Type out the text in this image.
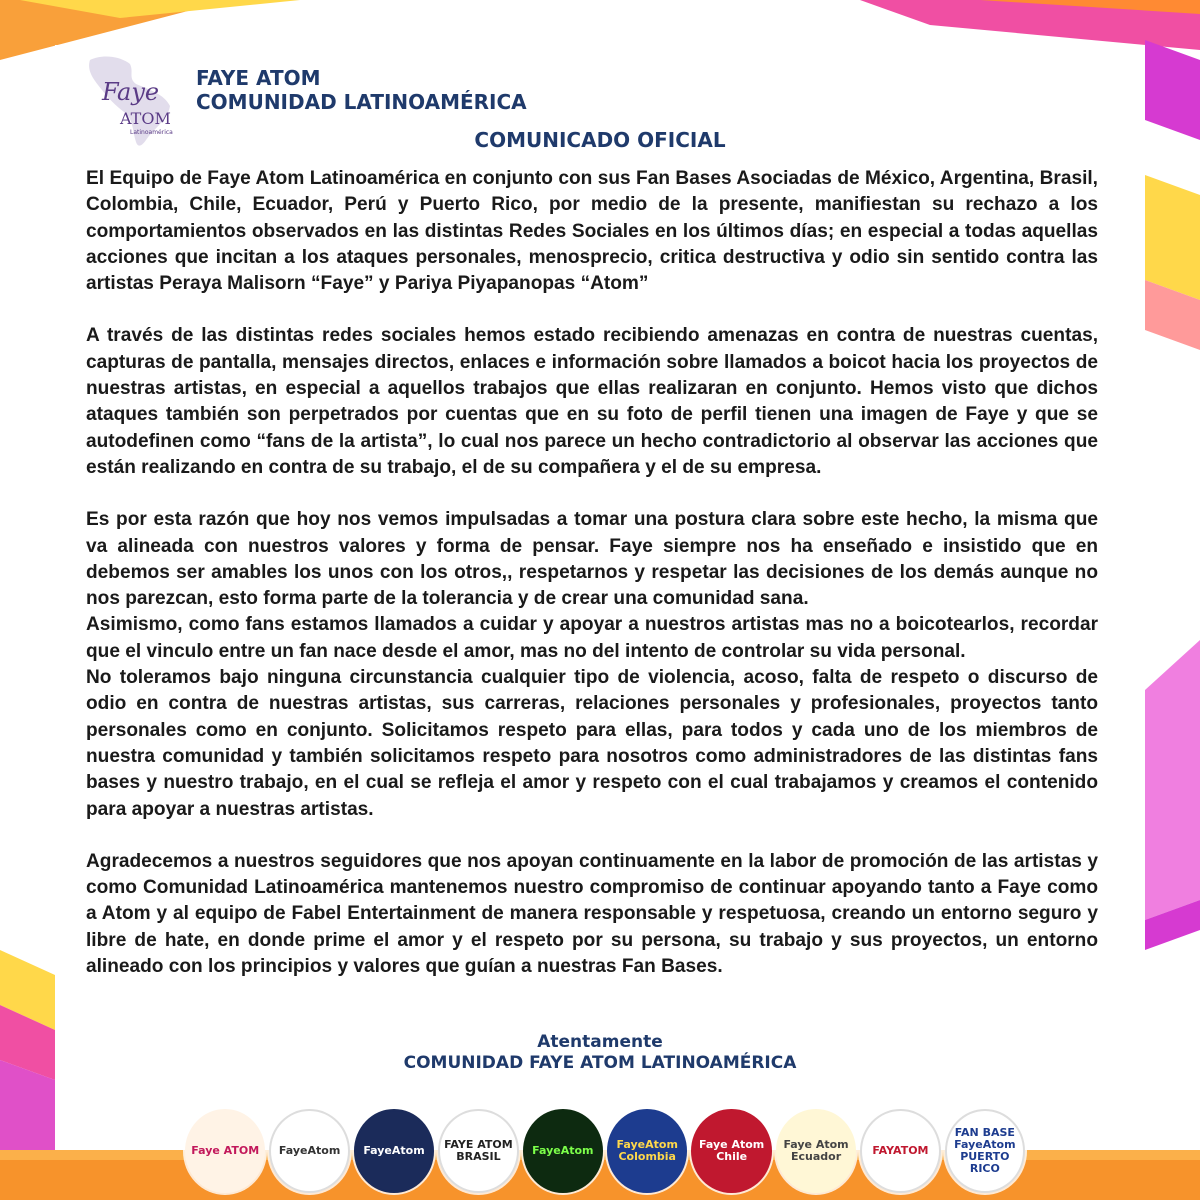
Faye
ATOM
Latinoamérica
FAYE ATOM
COMUNIDAD LATINOAMÉRICA
COMUNICADO OFICIAL

El Equipo de Faye Atom Latinoamérica en conjunto con sus Fan Bases Asociadas de México, Argentina, Brasil, Colombia, Chile, Ecuador, Perú y Puerto Rico, por medio de la presente, manifiestan su rechazo a los comportamientos observados en las distintas Redes Sociales en los últimos días; en especial a todas aquellas acciones que incitan a los ataques personales, menosprecio, critica destructiva y odio sin sentido contra las artistas Peraya Malisorn “Faye” y Pariya Piyapanopas “Atom”

A través de las distintas redes sociales hemos estado recibiendo amenazas en contra de nuestras cuentas, capturas de pantalla, mensajes directos, enlaces e información sobre llamados a boicot hacia los proyectos de nuestras artistas, en especial a aquellos trabajos que ellas realizaran en conjunto. Hemos visto que dichos ataques también son perpetrados por cuentas que en su foto de perfil tienen una imagen de Faye y que se autodefinen como “fans de la artista”, lo cual nos parece un hecho contradictorio al observar las acciones que están realizando en contra de su trabajo, el de su compañera y el de su empresa.

Es por esta razón que hoy nos vemos impulsadas a tomar una postura clara sobre este hecho, la misma que va alineada con nuestros valores y forma de pensar. Faye siempre nos ha enseñado e insistido que en debemos ser amables los unos con los otros,, respetarnos y respetar las decisiones de los demás aunque no nos parezcan, esto forma parte de la tolerancia y de crear una comunidad sana.

Asimismo, como fans estamos llamados a cuidar y apoyar a nuestros artistas mas no a boicotearlos, recordar que el vinculo entre un fan nace desde el amor, mas no del intento de controlar su vida personal.

No toleramos bajo ninguna circunstancia cualquier tipo de violencia, acoso, falta de respeto o discurso de odio en contra de nuestras artistas, sus carreras, relaciones personales y profesionales, proyectos tanto personales como en conjunto. Solicitamos respeto para ellas, para todos y cada uno de los miembros de nuestra comunidad y también solicitamos respeto para nosotros como administradores de las distintas fans bases y nuestro trabajo, en el cual se refleja el amor y respeto con el cual trabajamos y creamos el contenido para apoyar a nuestras artistas.

Agradecemos a nuestros seguidores que nos apoyan continuamente en la labor de promoción de las artistas y como Comunidad Latinoamérica mantenemos nuestro compromiso de continuar apoyando tanto a Faye como a Atom y al equipo de Fabel Entertainment de manera responsable y respetuosa, creando un entorno seguro y libre de hate, en donde prime el amor y el respeto por su persona, su trabajo y sus proyectos, un entorno alineado con los principios y valores que guían a nuestras Fan Bases.

Atentamente
COMUNIDAD FAYE ATOM LATINOAMÉRICA
Faye ATOM FayeAtom FayeAtom	FAYE ATOM BRASIL	FayeAtom	FayeAtom Colombia
Faye Atom Chile
Faye Atom Ecuador	FAYATOM
FAN BASE FayeAtom PUERTO RICO
